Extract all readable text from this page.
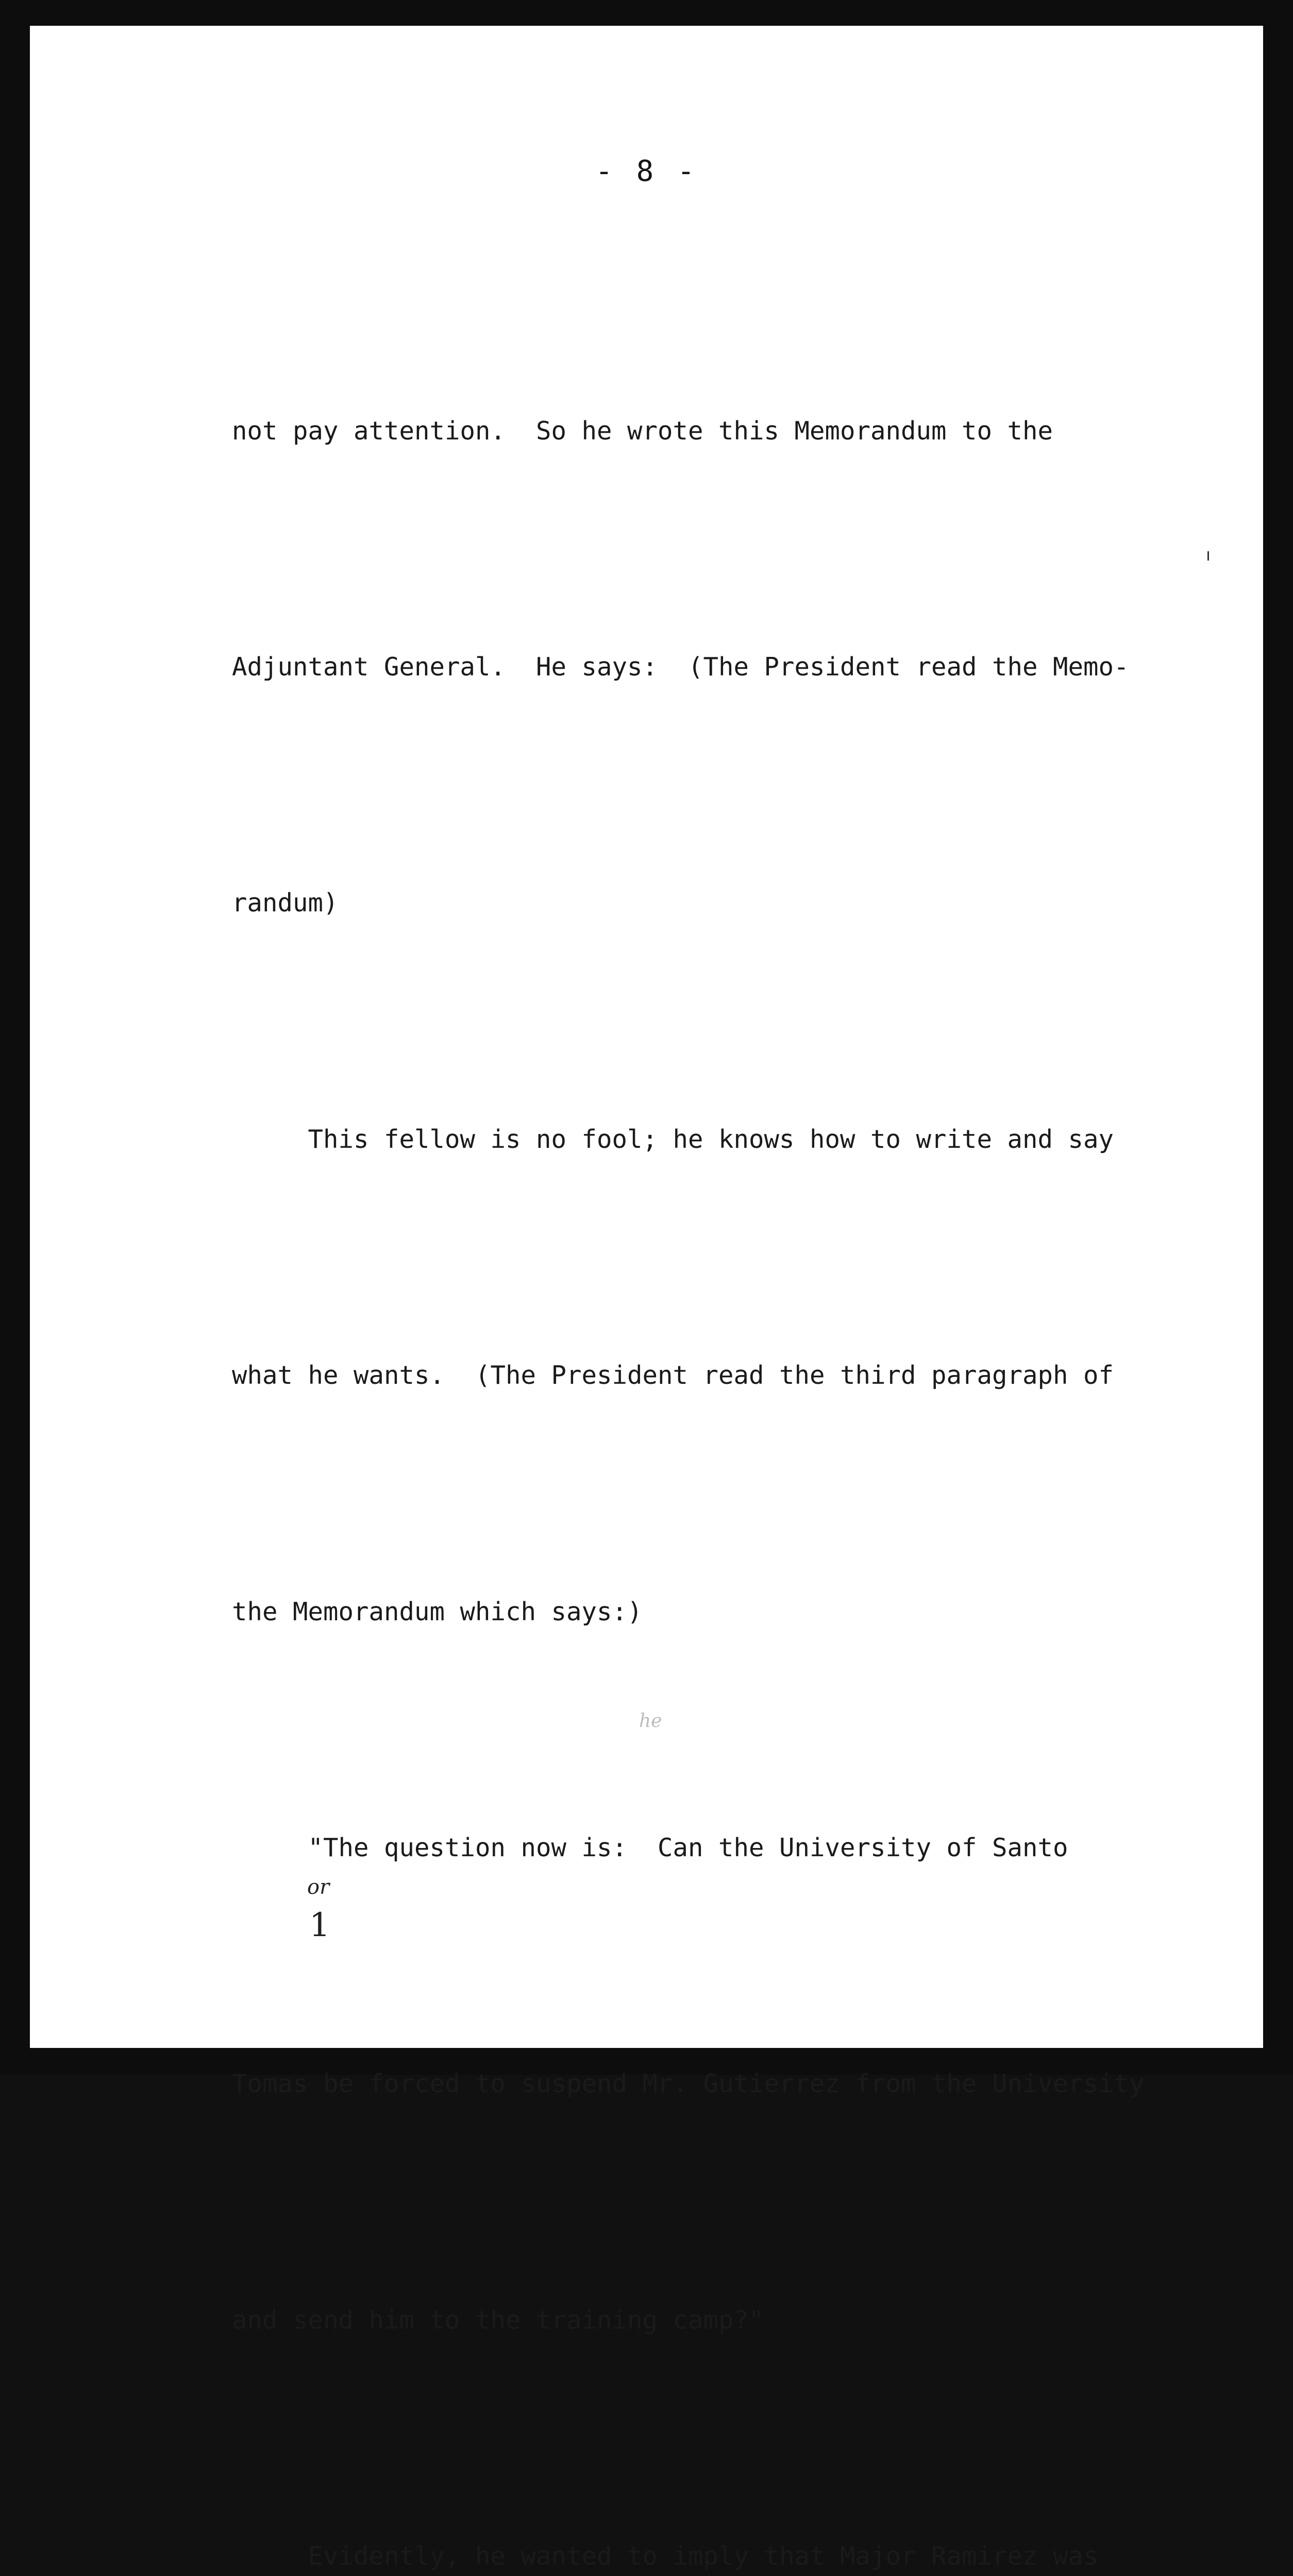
- 8 -

not pay attention.  So he wrote this Memorandum to the

Adjuntant General.  He says:  (The President read the Memo-

randum)

This fellow is no fool; he knows how to write and say

what he wants.  (The President read the third paragraph of

the Memorandum which says:)

"The question now is:  Can the University of Santo

Tomas be forced to suspend Mr. Gutierrez from the University

and send him to the training camp?"

Evidently, he wanted to imply that Major Ramirez was

he
or
1
